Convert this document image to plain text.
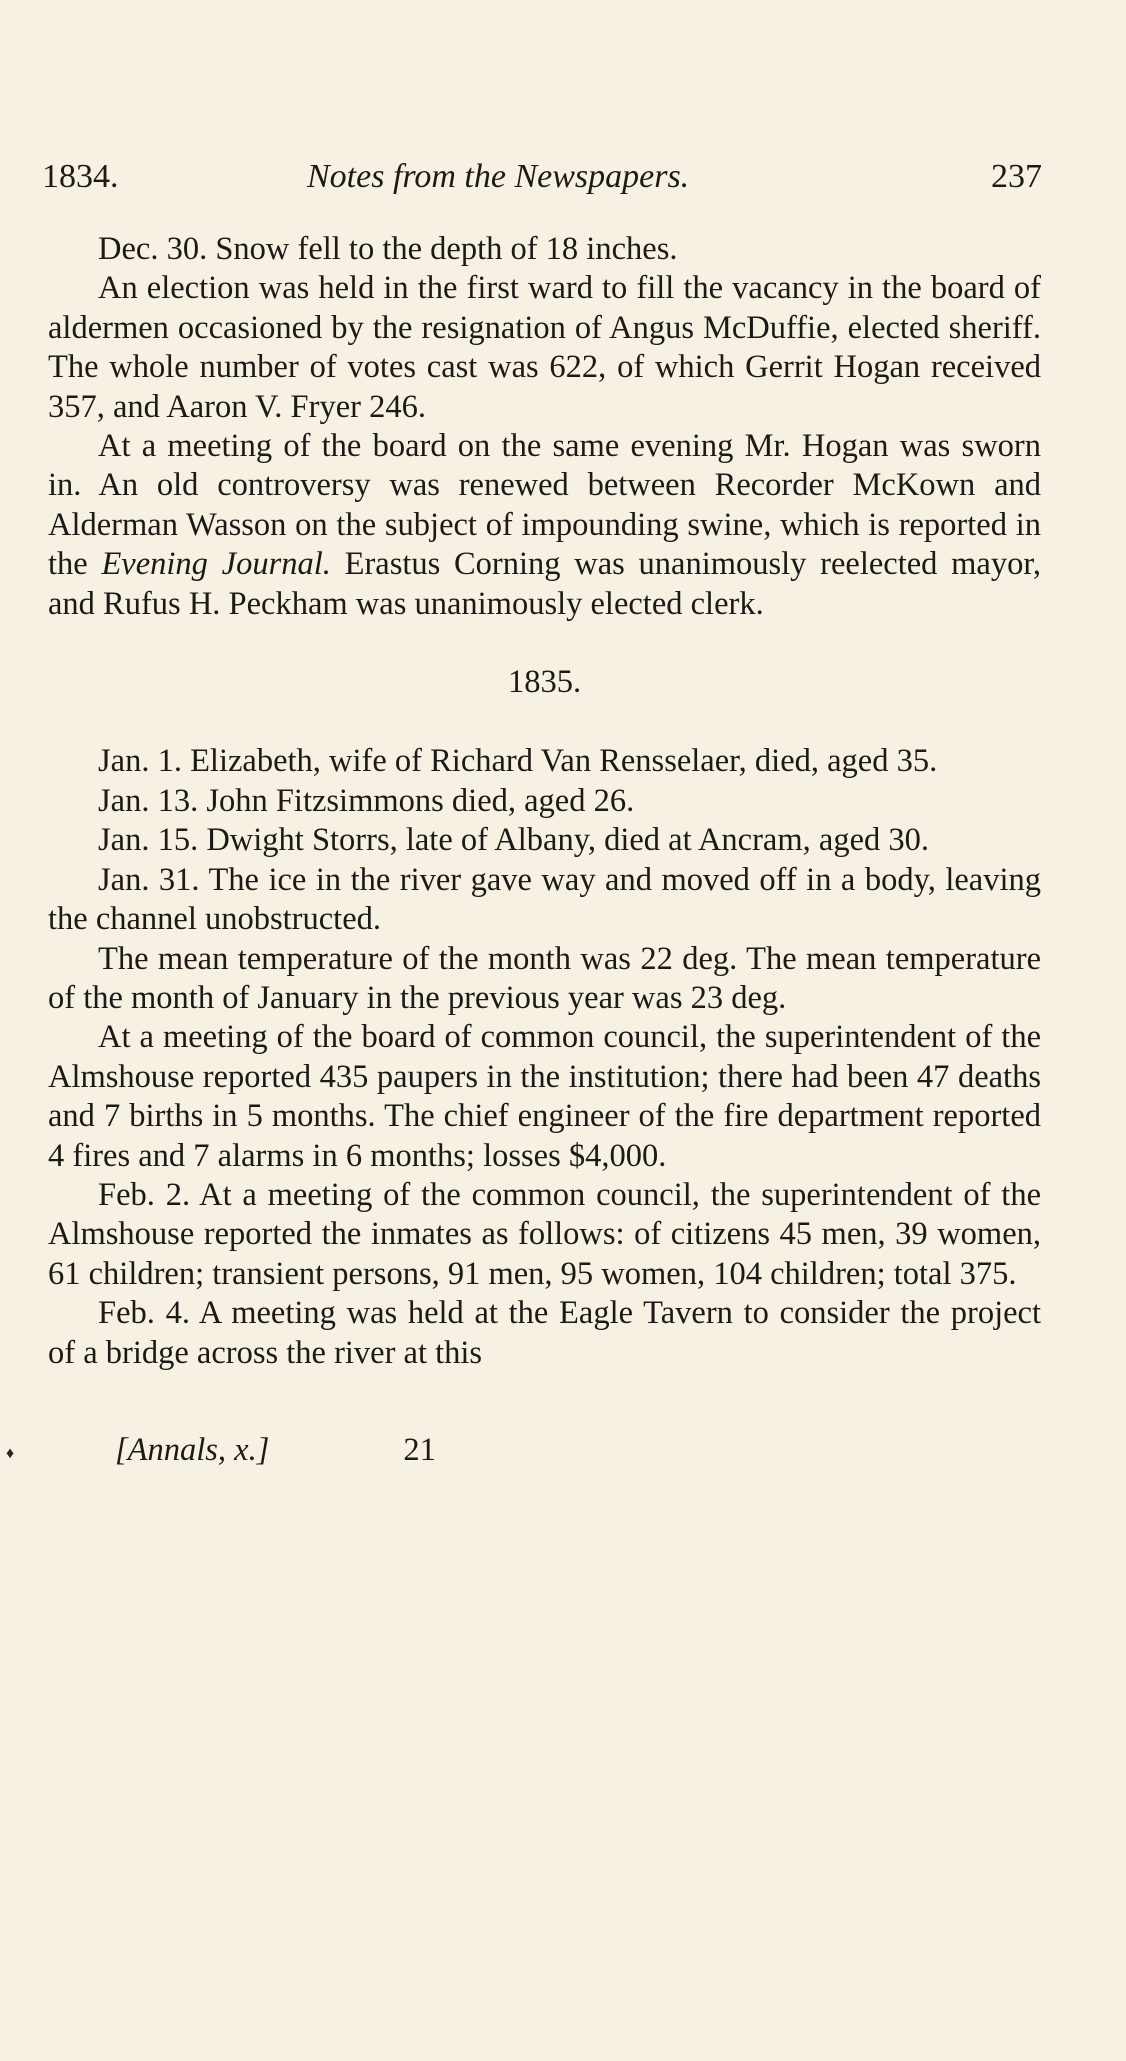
1834.	Notes from the Newspapers.	237

Dec. 30. Snow fell to the depth of 18 inches.

An election was held in the first ward to fill the vacancy in the board of aldermen occasioned by the resignation of Angus McDuffie, elected sheriff. The whole number of votes cast was 622, of which Gerrit Hogan received 357, and Aaron V. Fryer 246.

At a meeting of the board on the same evening Mr. Hogan was sworn in. An old controversy was renewed between Recorder McKown and Alderman Wasson on the subject of impounding swine, which is reported in the Evening Journal. Erastus Corning was unanimously reelected mayor, and Rufus H. Peckham was unanimously elected clerk.

1835.

Jan. 1. Elizabeth, wife of Richard Van Rensselaer, died, aged 35.

Jan. 13. John Fitzsimmons died, aged 26.

Jan. 15. Dwight Storrs, late of Albany, died at Ancram, aged 30.

Jan. 31. The ice in the river gave way and moved off in a body, leaving the channel unobstructed.

The mean temperature of the month was 22 deg. The mean temperature of the month of January in the previous year was 23 deg.

At a meeting of the board of common council, the superintendent of the Almshouse reported 435 paupers in the institution; there had been 47 deaths and 7 births in 5 months. The chief engineer of the fire department reported 4 fires and 7 alarms in 6 months; losses $4,000.

Feb. 2. At a meeting of the common council, the superintendent of the Almshouse reported the inmates as follows: of citizens 45 men, 39 women, 61 children; transient persons, 91 men, 95 women, 104 children; total 375.

Feb. 4. A meeting was held at the Eagle Tavern to consider the project of a bridge across the river at this

[Annals, x.]	21
♦
